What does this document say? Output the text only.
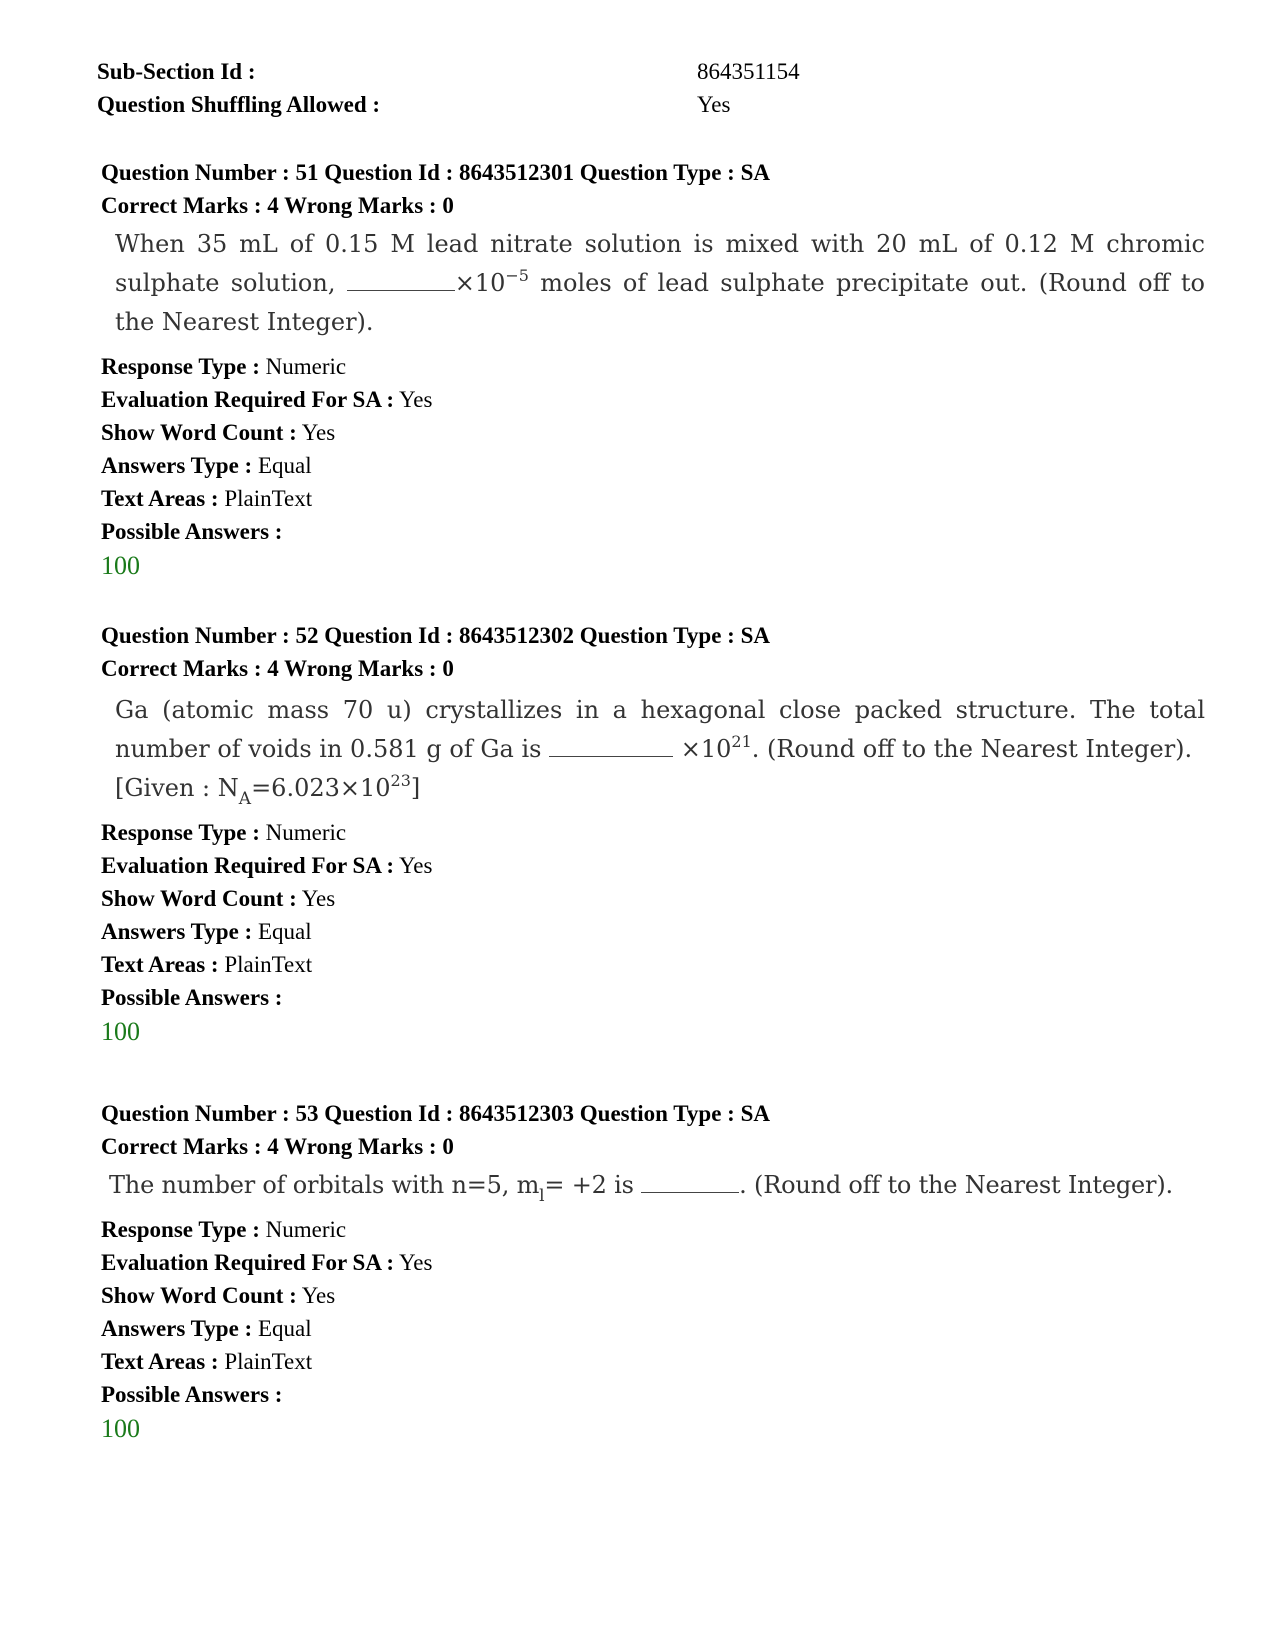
Sub-Section Id :	864351154
Question Shuffling Allowed :	Yes
Question Number : 51 Question Id : 8643512301 Question Type : SA
Correct Marks : 4 Wrong Marks : 0
When 35 mL of 0.15 M lead nitrate solution is mixed with 20 mL of 0.12 M chromic sulphate solution,	$\times 10^{-5}$ moles of lead sulphate precipitate out. (Round off to the Nearest Integer).
Response Type : Numeric
Evaluation Required For SA : Yes
Show Word Count : Yes
Answers Type : Equal
Text Areas : PlainText
Possible Answers :
100
Question Number : 52 Question Id : 8643512302 Question Type : SA
Correct Marks : 4 Wrong Marks : 0
Ga (atomic mass 70 u) crystallizes in a hexagonal close packed structure. The total number of voids in 0.581 g of Ga is	$\times 10^{21}$. (Round off to the Nearest Integer).
[Given : $N_A=6.023\times 10^{23}$]
Response Type : Numeric
Evaluation Required For SA : Yes
Show Word Count : Yes
Answers Type : Equal
Text Areas : PlainText
Possible Answers :
100
Question Number : 53 Question Id : 8643512303 Question Type : SA
Correct Marks : 4 Wrong Marks : 0
The number of orbitals with n=5, $m_l= +2$ is	. (Round off to the Nearest Integer).
Response Type : Numeric
Evaluation Required For SA : Yes
Show Word Count : Yes
Answers Type : Equal
Text Areas : PlainText
Possible Answers :
100
